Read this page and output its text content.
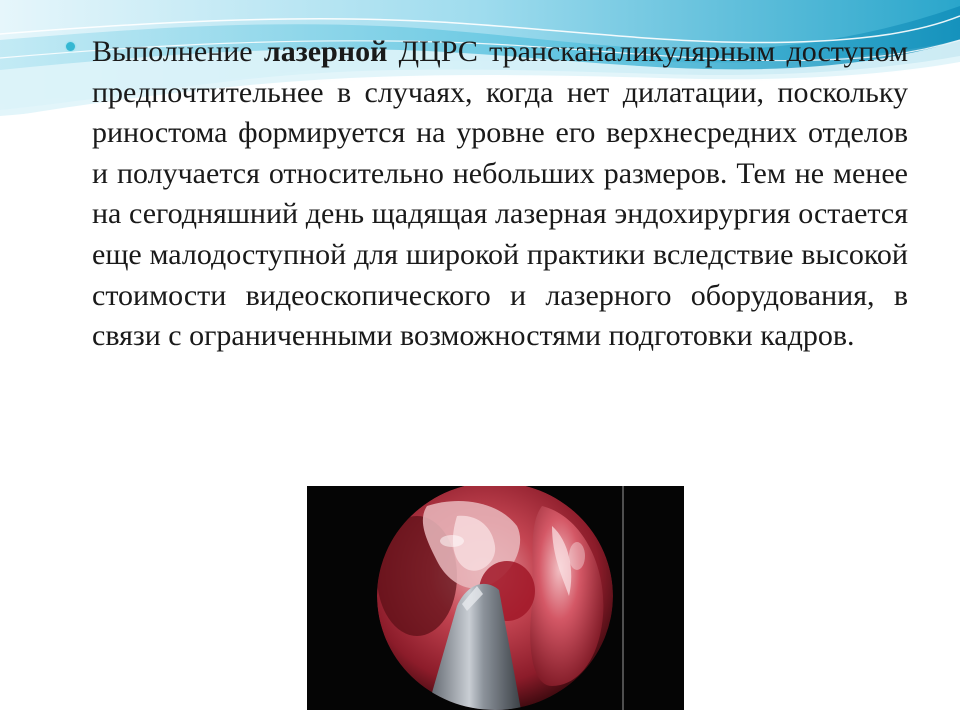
Выполнение лазерной ДЦРС трансканаликулярным доступом предпочтительнее в случаях, когда нет дилатации, поскольку риностома формируется на уровне его верхнесредних отделов и получается относительно небольших размеров. Тем не менее на сегодняшний день щадящая лазерная эндохирургия остается еще малодоступной для широкой практики вследствие высокой стоимости видеоскопического и лазерного оборудования, в связи с ограниченными возможностями подготовки кадров.
